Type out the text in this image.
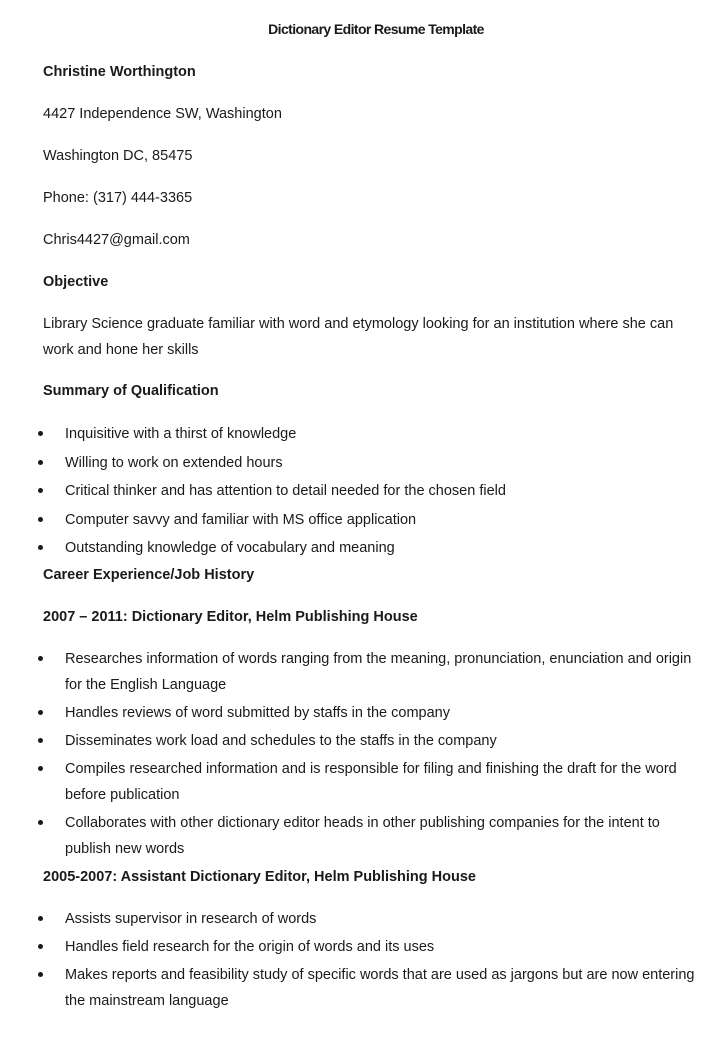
Dictionary Editor Resume Template
Christine Worthington
4427 Independence SW, Washington
Washington DC, 85475
Phone: (317) 444-3365
Chris4427@gmail.com
Objective
Library Science graduate familiar with word and etymology looking for an institution where she can work and hone her skills
Summary of Qualification
Inquisitive with a thirst of knowledge
Willing to work on extended hours
Critical thinker and has attention to detail needed for the chosen field
Computer savvy and familiar with MS office application
Outstanding knowledge of vocabulary and meaning
Career Experience/Job History
2007 – 2011: Dictionary Editor, Helm Publishing House
Researches information of words ranging from the meaning, pronunciation, enunciation and origin for the English Language
Handles reviews of word submitted by staffs in the company
Disseminates work load and schedules to the staffs in the company
Compiles researched information and is responsible for filing and finishing the draft for the word before publication
Collaborates with other dictionary editor heads in other publishing companies for the intent to publish new words
2005-2007: Assistant Dictionary Editor, Helm Publishing House
Assists supervisor in research of words
Handles field research for the origin of words and its uses
Makes reports and feasibility study of specific words that are used as jargons but are now entering the mainstream language
